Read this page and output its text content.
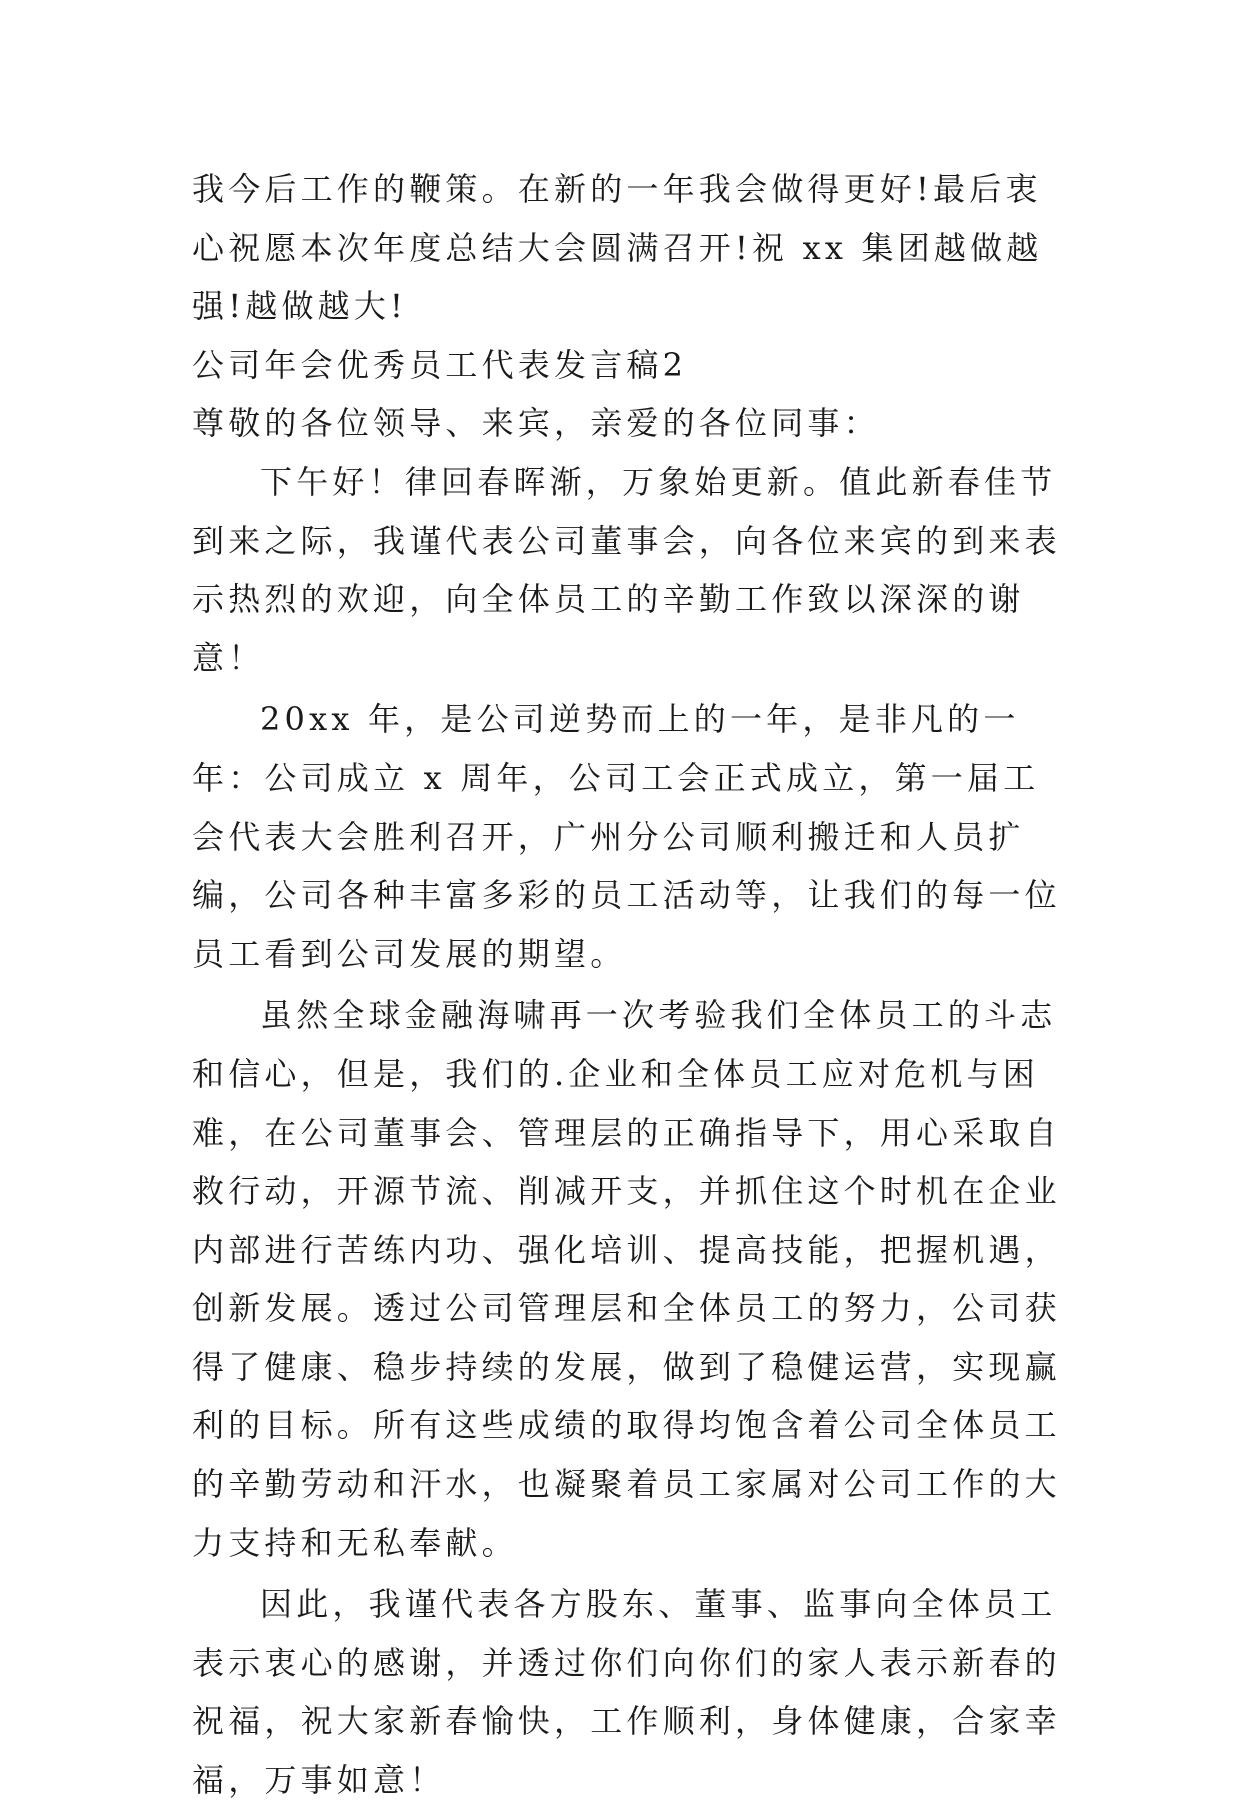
我今后工作的鞭策。在新的一年我会做得更好!最后衷心祝愿本次年度总结大会圆满召开!祝 xx 集团越做越强!越做越大!

公司年会优秀员工代表发言稿2

尊敬的各位领导、来宾，亲爱的各位同事：

下午好！律回春晖渐，万象始更新。值此新春佳节到来之际，我谨代表公司董事会，向各位来宾的到来表示热烈的欢迎，向全体员工的辛勤工作致以深深的谢意！

20xx 年，是公司逆势而上的一年，是非凡的一年：公司成立 x 周年，公司工会正式成立，第一届工会代表大会胜利召开，广州分公司顺利搬迁和人员扩编，公司各种丰富多彩的员工活动等，让我们的每一位员工看到公司发展的期望。

虽然全球金融海啸再一次考验我们全体员工的斗志和信心，但是，我们的.企业和全体员工应对危机与困难，在公司董事会、管理层的正确指导下，用心采取自救行动，开源节流、削减开支，并抓住这个时机在企业内部进行苦练内功、强化培训、提高技能，把握机遇，创新发展。透过公司管理层和全体员工的努力，公司获得了健康、稳步持续的发展，做到了稳健运营，实现赢利的目标。所有这些成绩的取得均饱含着公司全体员工的辛勤劳动和汗水，也凝聚着员工家属对公司工作的大力支持和无私奉献。

因此，我谨代表各方股东、董事、监事向全体员工表示衷心的感谢，并透过你们向你们的家人表示新春的祝福，祝大家新春愉快，工作顺利，身体健康，合家幸福，万事如意！
